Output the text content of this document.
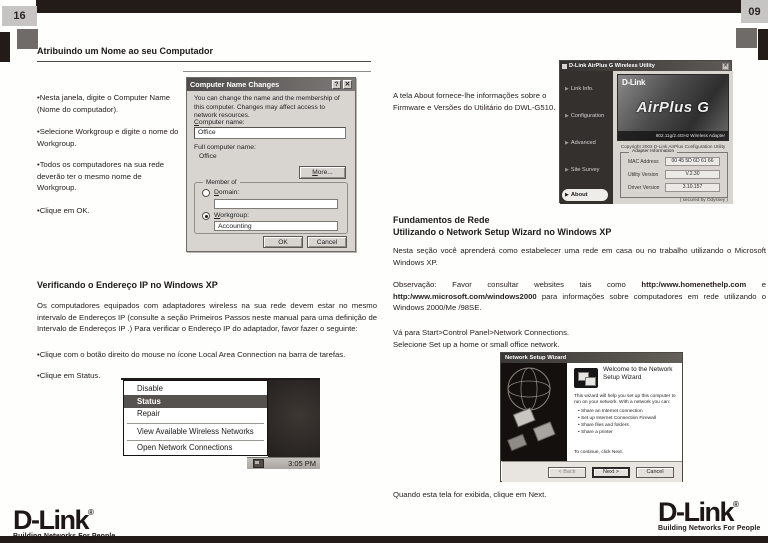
16	09
Atribuindo um Nome ao seu Computador
•Nesta janela, digite o Computer Name (Nome do computador).
•Selecione Workgroup e digite o nome do Workgroup.
•Todos os computadores na sua rede deverão ter o mesmo nome de Workgroup.
•Clique em OK.
Computer Name Changes	? ✕
You can change the name and the membership of this computer. Changes may affect access to network resources.
Computer name:
Office
Full computer name:
Office
M ore...
Member of
Domain:
Workgroup:
Accounting
OK	Cancel
Verificando o Endereço IP no Windows XP
Os computadores equipados com adaptadores wireless na sua rede devem estar no mesmo intervalo de Endereços IP (consulte a seção Primeiros Passos neste manual para uma definição de Intervalo de Endereços IP .) Para verificar o Endereço IP do adaptador, favor fazer o seguinte:
•Clique com o botão direito do mouse no ícone Local Area Connection na barra de tarefas.
•Clique em Status.
Disable
Status
Repair
View Available Wireless Networks
Open Network Connections
3:05 PM
A tela About fornece-lhe informações sobre o Firmware e Versões do Utilitário do DWL-G510.
D-Link AirPlus G Wireless Utility	✕
▶ Link Info.
▶ Configuration
▶ Advanced
▶ Site Survey
▶ About
D-Link
AirPlus G
802.11g/2.4GHz Wireless Adapter
Copyright 2003 D-Link AirPlus Configuration Utility
Adapter Information
MAC Address	00 45 5D 6D 61 66
Utility Version	V.2.30
Driver Version	3.10.157
( secured by Odyssey )
Fundamentos de Rede
Utilizando o Network Setup Wizard no Windows XP
Nesta seção você aprenderá como estabelecer uma rede em casa ou no trabalho utilizando o Microsoft Windows XP.
Observação: Favor consultar websites tais como http:/www.homenethelp.com e http:/www.microsoft.com/windows2000 para informações sobre computadores em rede utilizando o Windows 2000/Me /98SE.
Vá para Start>Control Panel>Network Connections.
Selecione Set up a home or small office network.
Network Setup Wizard
Welcome to the Network Setup Wizard
This wizard will help you set up this computer to run on your network. With a network you can:
• Share an Internet connection
• Set up Internet Connection Firewall
• Share files and folders
• Share a printer
To continue, click Next.
< Back	Next >	Cancel
Quando esta tela for exibida, clique em Next.
D-Link®
Building Networks For People
D-Link®
Building Networks For People
